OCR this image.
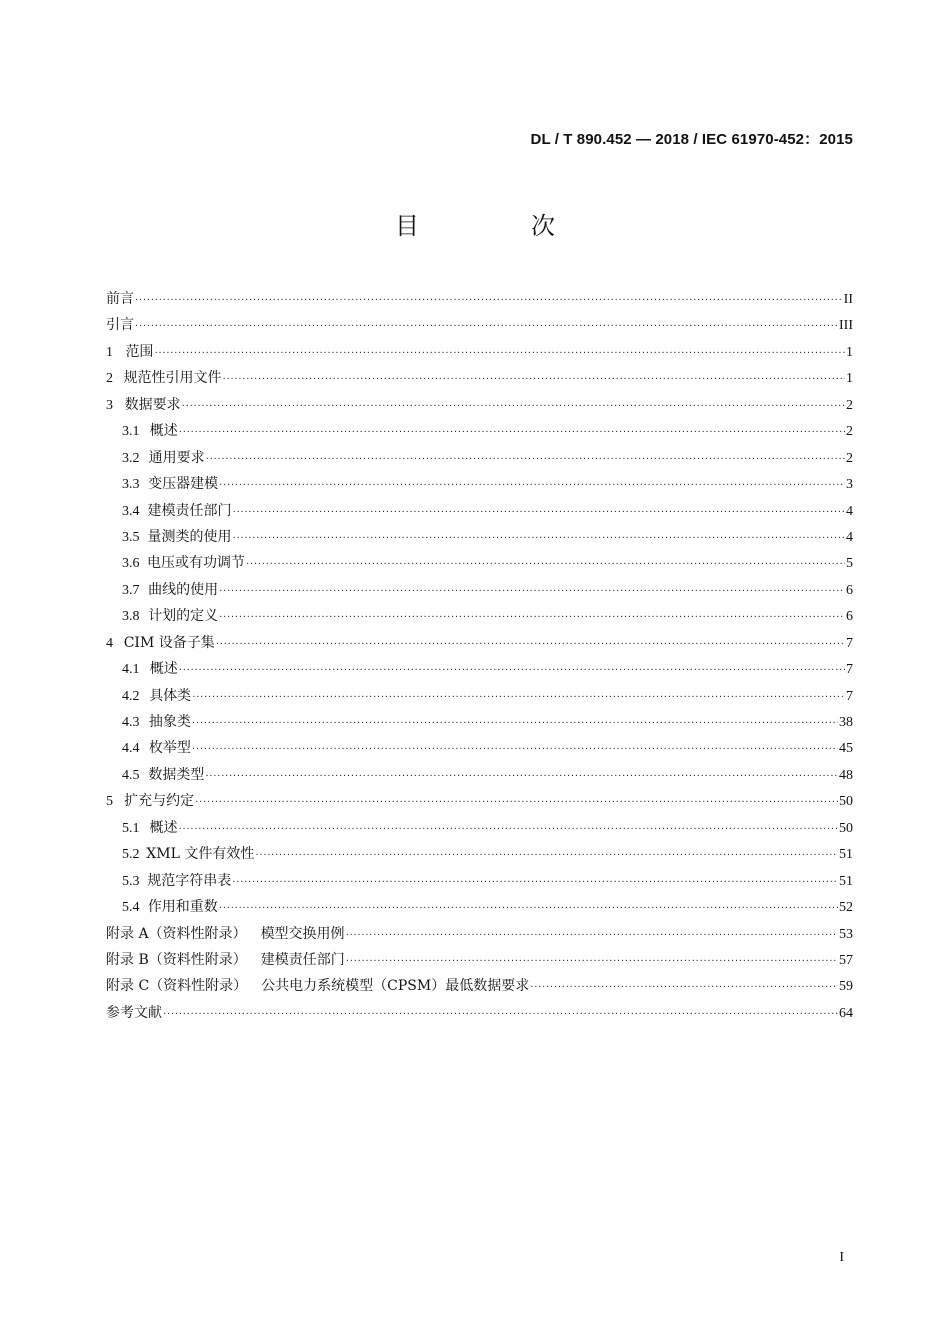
DL / T 890.452 — 2018 / IEC 61970-452：2015
目　次
前言 ·····	II
引言 ·····	III
1 范围 ·····	1
2 规范性引用文件 ·····	1
3 数据要求 ·····	2
3.1 概述 ·····	2
3.2 通用要求 ·····	2
3.3 变压器建模 ·····	3
3.4 建模责任部门 ·····	4
3.5 量测类的使用 ·····	4
3.6 电压或有功调节 ·····	5
3.7 曲线的使用 ·····	6
3.8 计划的定义 ·····	6
4 CIM 设备子集 ·····	7
4.1 概述 ·····	7
4.2 具体类 ·····	7
4.3 抽象类 ·····	38
4.4 枚举型 ·····	45
4.5 数据类型 ·····	48
5 扩充与约定 ·····	50
5.1 概述 ·····	50
5.2 XML 文件有效性 ·····	51
5.3 规范字符串表 ·····	51
5.4 作用和重数 ·····	52
附录 A（资料性附录） 模型交换用例 ·····	53
附录 B（资料性附录） 建模责任部门 ·····	57
附录 C（资料性附录） 公共电力系统模型（CPSM）最低数据要求 ·····	59
参考文献 ·····	64
I
